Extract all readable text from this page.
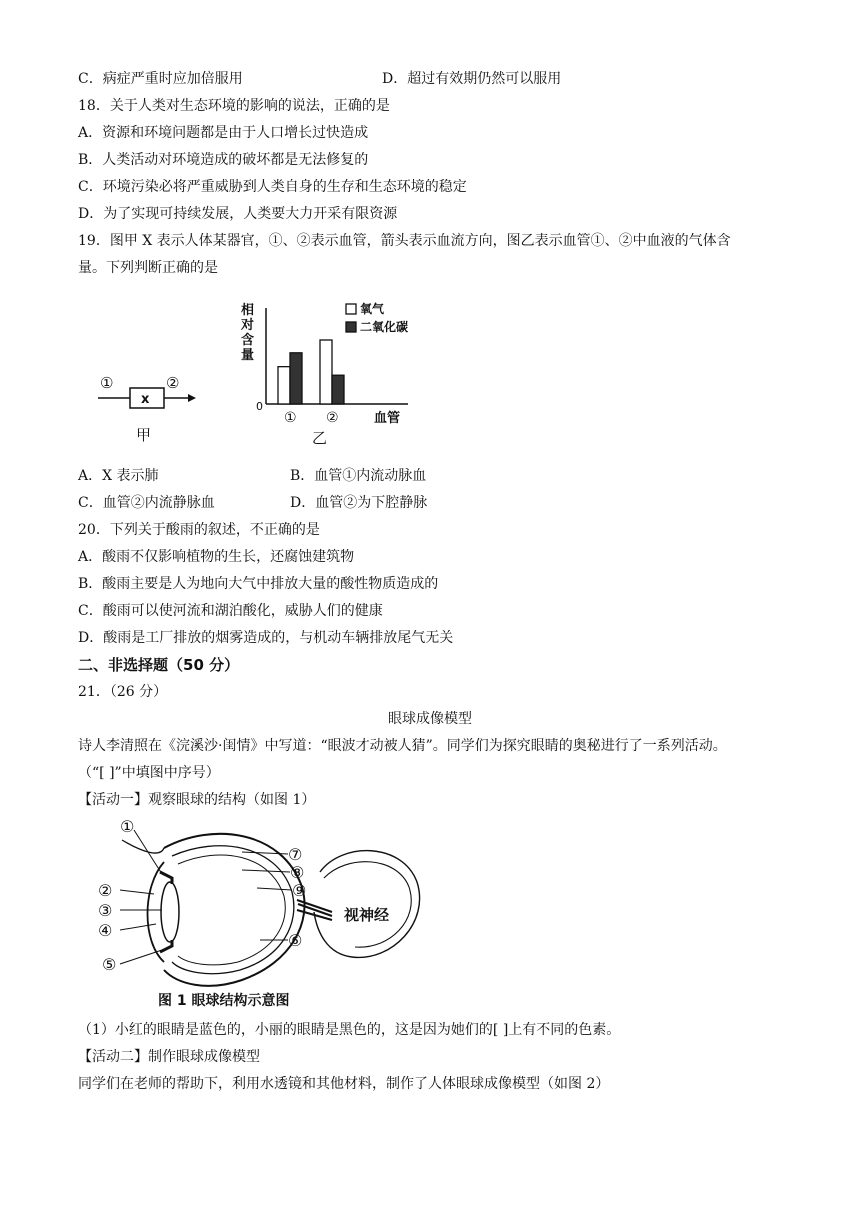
C．病症严重时应加倍服用	D．超过有效期仍然可以服用
18．关于人类对生态环境的影响的说法，正确的是
A．资源和环境问题都是由于人口增长过快造成
B．人类活动对环境造成的破坏都是无法修复的
C．环境污染必将严重威胁到人类自身的生存和生态环境的稳定
D．为了实现可持续发展，人类要大力开采有限资源
19．图甲 X 表示人体某器官，①、②表示血管，箭头表示血流方向，图乙表示血管①、②中血液的气体含
量。下列判断正确的是
①
x
②
甲
相
对
含
量
0
氧气
二氧化碳
① ②	血管
乙
A．X 表示肺	B．血管①内流动脉血
C．血管②内流静脉血	D．血管②为下腔静脉
20．下列关于酸雨的叙述，不正确的是
A．酸雨不仅影响植物的生长，还腐蚀建筑物
B．酸雨主要是人为地向大气中排放大量的酸性物质造成的
C．酸雨可以使河流和湖泊酸化，威胁人们的健康
D．酸雨是工厂排放的烟雾造成的，与机动车辆排放尾气无关
二、非选择题（50 分）
21．（26 分）
眼球成像模型
诗人李清照在《浣溪沙·闺情》中写道：“眼波才动被人猜”。同学们为探究眼睛的奥秘进行了一系列活动。
（“[ ]”中填图中序号）
【活动一】观察眼球的结构（如图 1）
①
②
③
④
⑤
⑥
⑦
⑧
⑨
视神经
图 1 眼球结构示意图
（1）小红的眼睛是蓝色的，小丽的眼睛是黑色的，这是因为她们的[ ]上有不同的色素。
【活动二】制作眼球成像模型
同学们在老师的帮助下，利用水透镜和其他材料，制作了人体眼球成像模型（如图 2）
